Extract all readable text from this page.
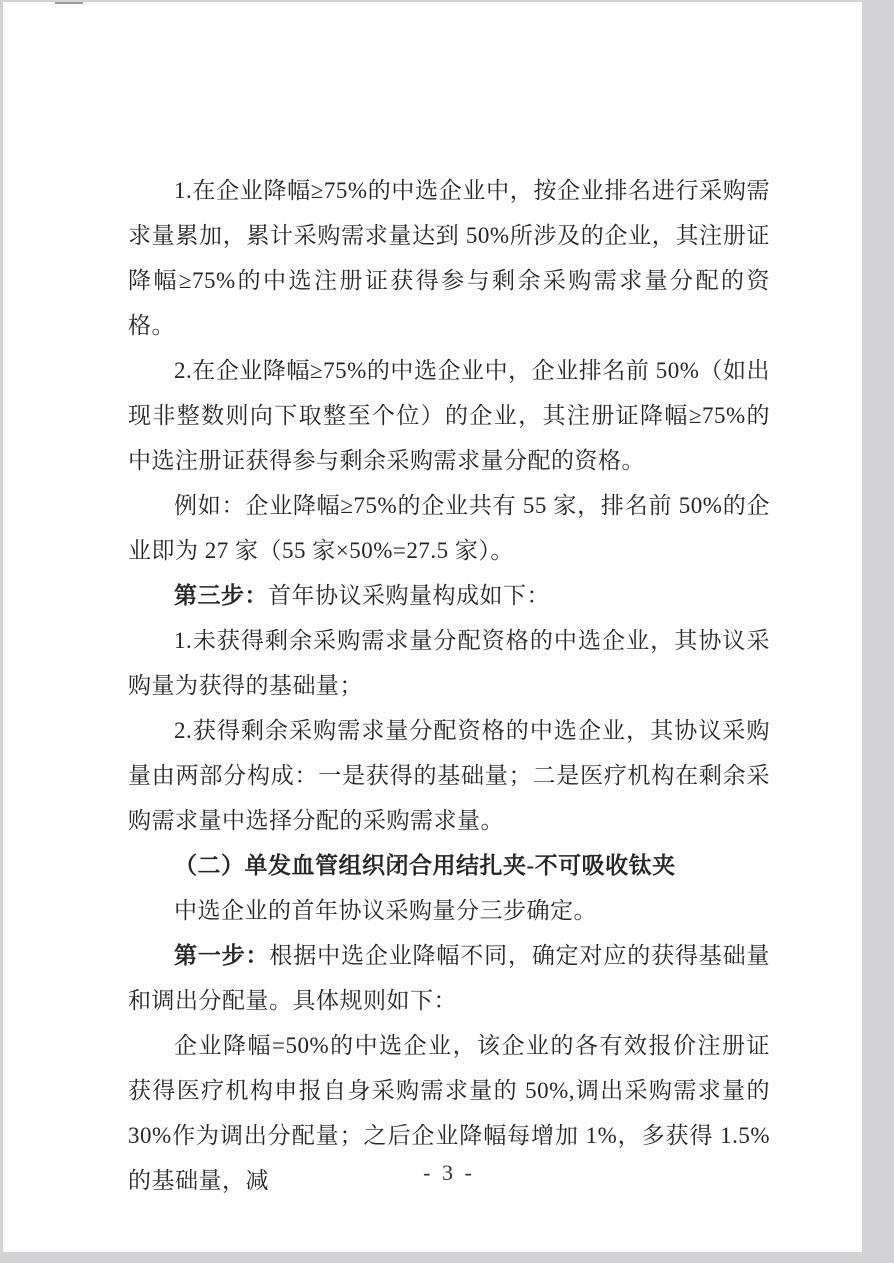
1.在企业降幅≥75%的中选企业中，按企业排名进行采购需求量累加，累计采购需求量达到 50%所涉及的企业，其注册证降幅≥75%的中选注册证获得参与剩余采购需求量分配的资格。

2.在企业降幅≥75%的中选企业中，企业排名前 50%（如出现非整数则向下取整至个位）的企业，其注册证降幅≥75%的中选注册证获得参与剩余采购需求量分配的资格。

例如：企业降幅≥75%的企业共有 55 家，排名前 50%的企业即为 27 家（55 家×50%=27.5 家）。

第三步：首年协议采购量构成如下：

1.未获得剩余采购需求量分配资格的中选企业，其协议采购量为获得的基础量；

2.获得剩余采购需求量分配资格的中选企业，其协议采购量由两部分构成：一是获得的基础量；二是医疗机构在剩余采购需求量中选择分配的采购需求量。

（二）单发血管组织闭合用结扎夹-不可吸收钛夹

中选企业的首年协议采购量分三步确定。

第一步：根据中选企业降幅不同，确定对应的获得基础量和调出分配量。具体规则如下：

企业降幅=50%的中选企业，该企业的各有效报价注册证获得医疗机构申报自身采购需求量的 50%,调出采购需求量的 30%作为调出分配量；之后企业降幅每增加 1%，多获得 1.5%的基础量，减	- 3 -
